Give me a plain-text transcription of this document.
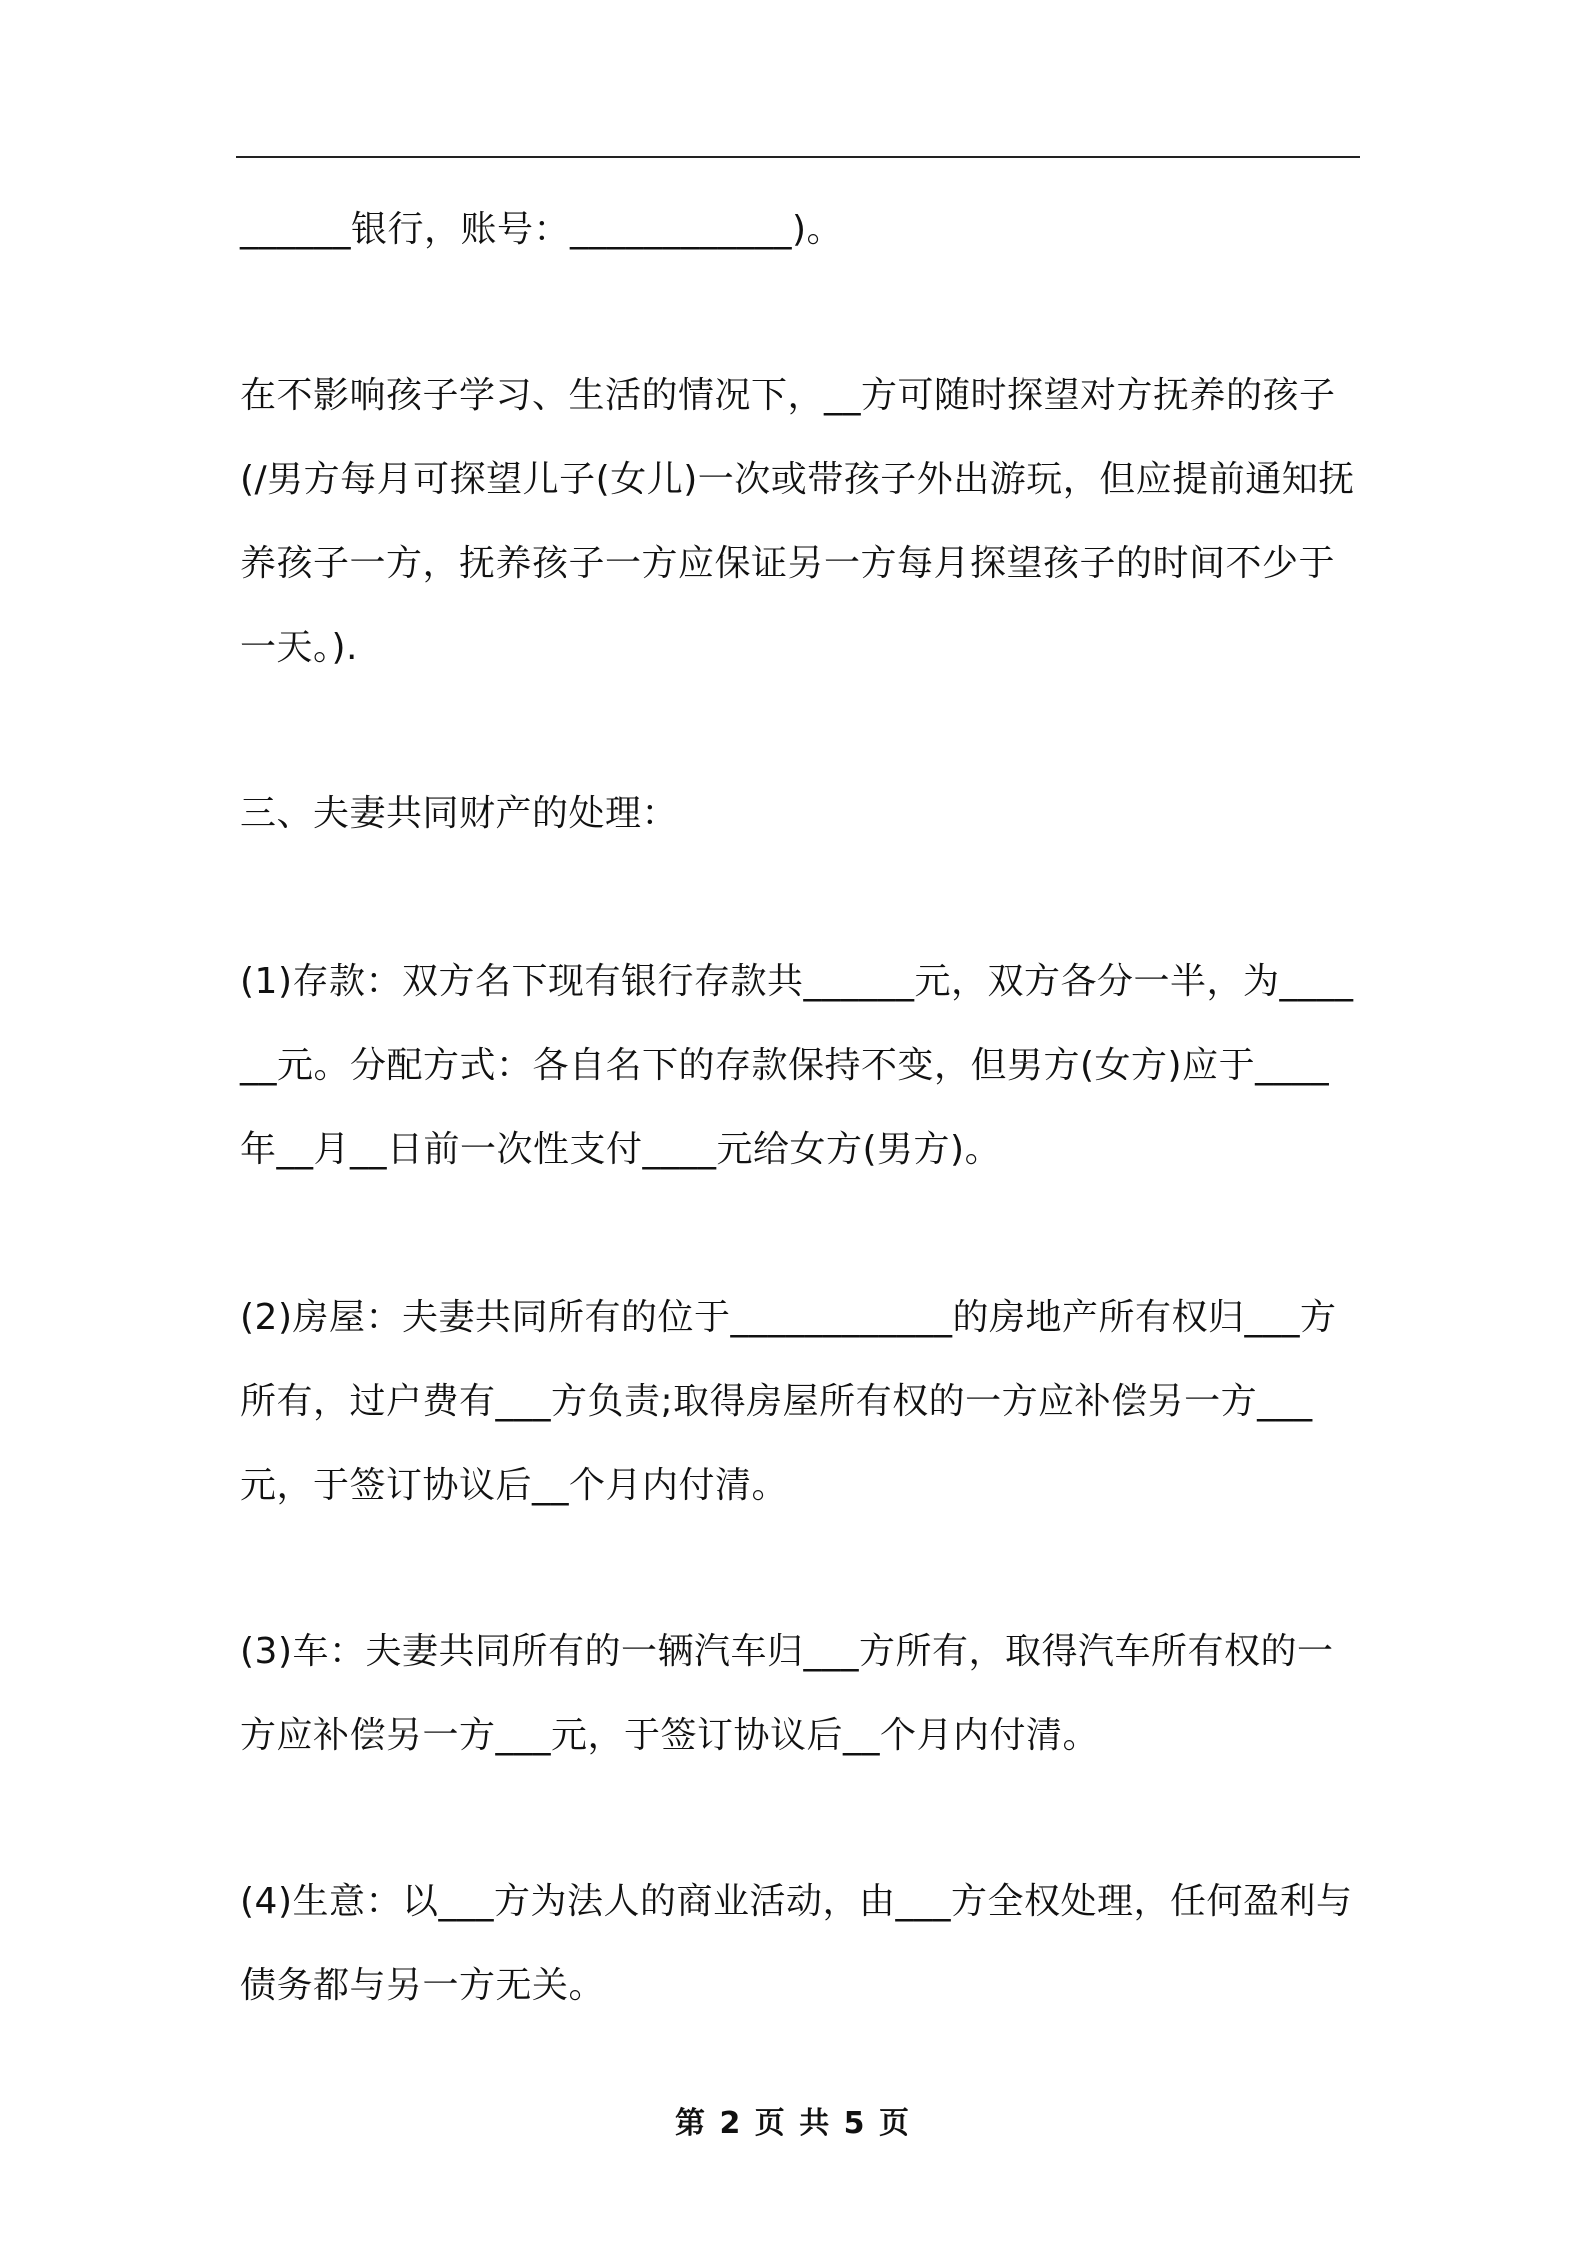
______银行，账号：____________)。

在不影响孩子学习、生活的情况下，__方可随时探望对方抚养的孩子(/男方每月可探望儿子(女儿)一次或带孩子外出游玩，但应提前通知抚养孩子一方，抚养孩子一方应保证另一方每月探望孩子的时间不少于一天。).

三、夫妻共同财产的处理：

(1)存款：双方名下现有银行存款共______元，双方各分一半，为______元。分配方式：各自名下的存款保持不变，但男方(女方)应于____年__月__日前一次性支付____元给女方(男方)。

(2)房屋：夫妻共同所有的位于____________的房地产所有权归___方所有，过户费有___方负责;取得房屋所有权的一方应补偿另一方___元，于签订协议后__个月内付清。

(3)车：夫妻共同所有的一辆汽车归___方所有，取得汽车所有权的一方应补偿另一方___元，于签订协议后__个月内付清。

(4)生意：以___方为法人的商业活动，由___方全权处理，任何盈利与债务都与另一方无关。

第 2 页 共 5 页
